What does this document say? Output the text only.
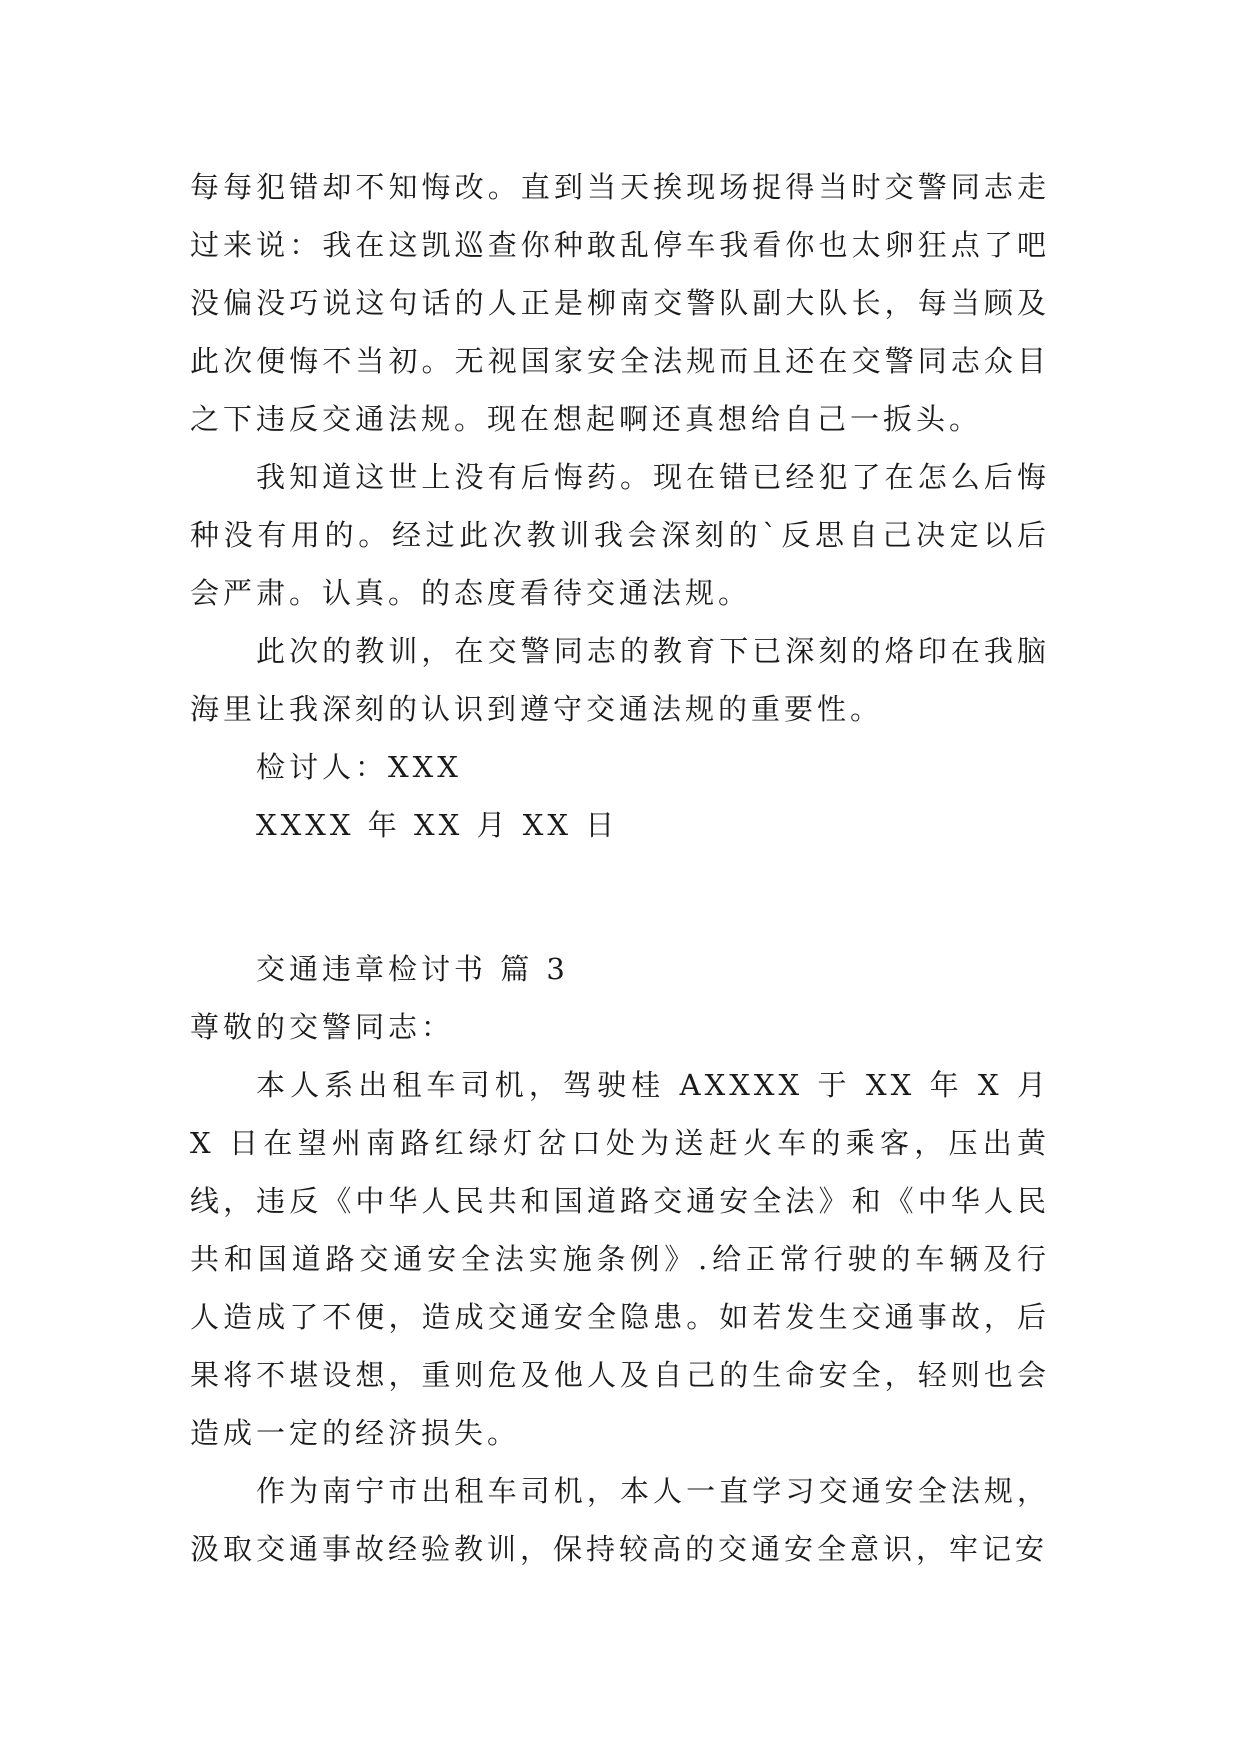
每每犯错却不知悔改。直到当天挨现场捉得当时交警同志走过来说：我在这凯巡查你种敢乱停车我看你也太卵狂点了吧没偏没巧说这句话的人正是柳南交警队副大队长，每当顾及此次便悔不当初。无视国家安全法规而且还在交警同志众目之下违反交通法规。现在想起啊还真想给自己一扳头。

我知道这世上没有后悔药。现在错已经犯了在怎么后悔种没有用的。经过此次教训我会深刻的`反思自己决定以后会严肃。认真。的态度看待交通法规。

此次的教训，在交警同志的教育下已深刻的烙印在我脑海里让我深刻的认识到遵守交通法规的重要性。

检讨人：XXX

XXXX 年 XX 月 XX 日

交通违章检讨书 篇 3

尊敬的交警同志：

本人系出租车司机，驾驶桂 AXXXX 于 XX 年 X 月 X 日在望州南路红绿灯岔口处为送赶火车的乘客，压出黄线，违反《中华人民共和国道路交通安全法》和《中华人民共和国道路交通安全法实施条例》.给正常行驶的车辆及行人造成了不便，造成交通安全隐患。如若发生交通事故，后果将不堪设想，重则危及他人及自己的生命安全，轻则也会造成一定的经济损失。

作为南宁市出租车司机，本人一直学习交通安全法规，汲取交通事故经验教训，保持较高的交通安全意识，牢记安
